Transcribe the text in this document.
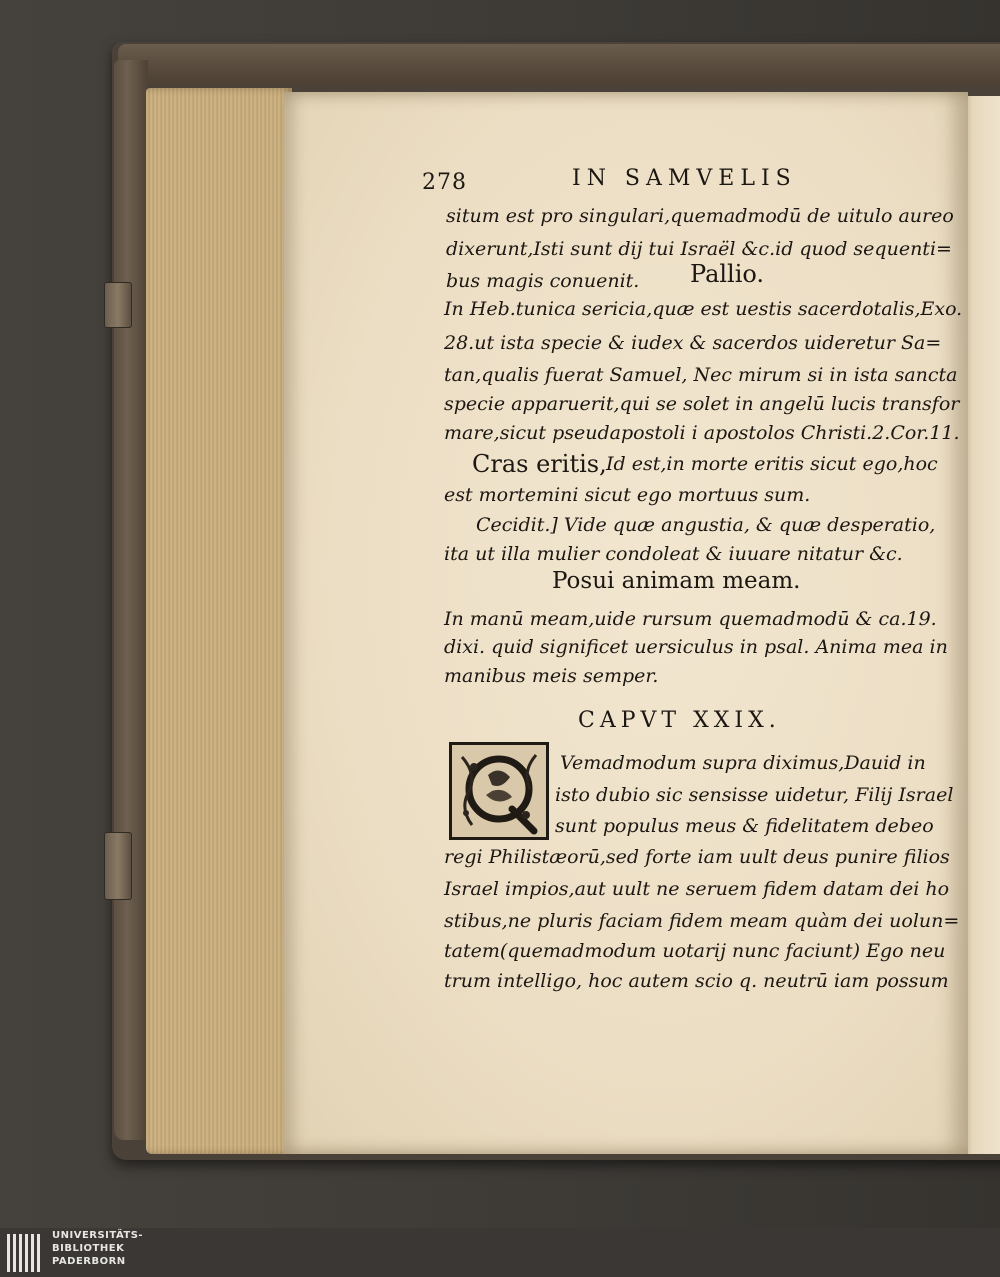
278	IN SAMVELIS
situm est pro singulari,quemadmodū de uitulo aureo
dixerunt,Isti sunt dij tui Israël &c.id quod sequenti=
bus magis conuenit. Pallio.
In Heb.tunica sericia,quæ est uestis sacerdotalis,Exo.
28.ut ista specie & iudex & sacerdos uideretur Sa=
tan,qualis fuerat Samuel, Nec mirum si in ista sancta
specie apparuerit,qui se solet in angelū lucis transfor
mare,sicut pseudapostoli i apostolos Christi.2.Cor.11.
Cras eritis, Id est,in morte eritis sicut ego,hoc
est mortemini sicut ego mortuus sum.
Cecidit.] Vide quæ angustia, & quæ desperatio,
ita ut illa mulier condoleat & iuuare nitatur &c.
Posui animam meam.
In manū meam,uide rursum quemadmodū & ca.19.
dixi. quid significet uersiculus in psal. Anima mea in
manibus meis semper.
CAPVT XXIX.
Vemadmodum supra diximus,Dauid in
isto dubio sic sensisse uidetur, Filij Israel
sunt populus meus & fidelitatem debeo
regi Philistæorū,sed forte iam uult deus punire filios
Israel impios,aut uult ne seruem fidem datam dei ho
stibus,ne pluris faciam fidem meam quàm dei uolun=
tatem(quemadmodum uotarij nunc faciunt) Ego neu
trum intelligo, hoc autem scio q. neutrū iam possum
UNIVERSITÄTS-
BIBLIOTHEK
PADERBORN
